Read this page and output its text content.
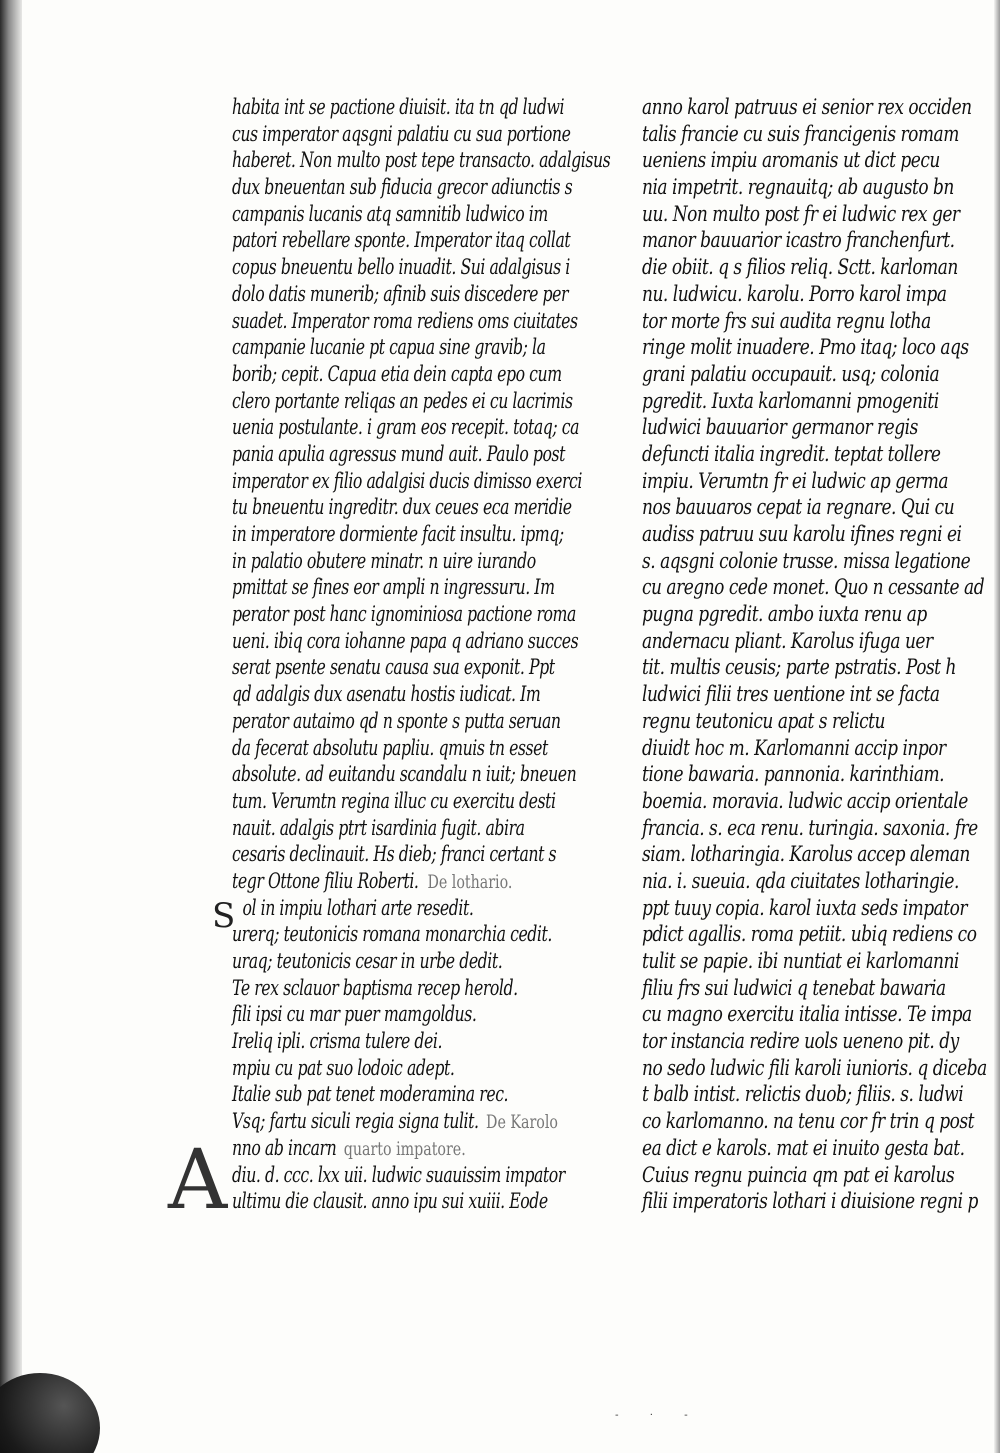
habita int se pactione diuisit. ita tn qd ludwi
cus imperator aqsgni palatiu cu sua portione
haberet. Non multo post tepe transacto. adalgisus
dux bneuentan sub fiducia grecor adiunctis s
campanis lucanis atq samnitib ludwico im
patori rebellare sponte. Imperator itaq collat
copus bneuentu bello inuadit. Sui adalgisus i
dolo datis munerib; afinib suis discedere per
suadet. Imperator roma rediens oms ciuitates
campanie lucanie pt capua sine gravib; la
borib; cepit. Capua etia dein capta epo cum
clero portante reliqas an pedes ei cu lacrimis
uenia postulante. i gram eos recepit. totaq; ca
pania apulia agressus mund auit. Paulo post
imperator ex filio adalgisi ducis dimisso exerci
tu bneuentu ingreditr. dux ceues eca meridie
in imperatore dormiente facit insultu. ipmq;
in palatio obutere minatr. n uire iurando
pmittat se fines eor ampli n ingressuru. Im
perator post hanc ignominiosa pactione roma
ueni. ibiq cora iohanne papa q adriano succes
serat psente senatu causa sua exponit. Ppt
qd adalgis dux asenatu hostis iudicat. Im
perator autaimo qd n sponte s putta seruan
da fecerat absolutu papliu. qmuis tn esset
absolute. ad euitandu scandalu n iuit; bneuen
tum. Verumtn regina illuc cu exercitu desti
nauit. adalgis ptrt isardinia fugit. abira
cesaris declinauit. Hs dieb; franci certant s
tegr Ottone filiu Roberti. De lothario.
ol in impiu lothari arte resedit.
urerq; teutonicis romana monarchia cedit.
uraq; teutonicis cesar in urbe dedit.
Te rex sclauor baptisma recep herold.
fili ipsi cu mar puer mamgoldus.
Ireliq ipli. crisma tulere dei.
mpiu cu pat suo lodoic adept.
Italie sub pat tenet moderamina rec.
Vsq; fartu siculi regia signa tulit. De Karolo
nno ab incarn quarto impatore.
diu. d. ccc. lxx uii. ludwic suauissim impator
ultimu die clausit. anno ipu sui xuiii. Eode
anno karol patruus ei senior rex occiden
talis francie cu suis francigenis romam
ueniens impiu aromanis ut dict pecu
nia impetrit. regnauitq; ab augusto bn
uu. Non multo post fr ei ludwic rex ger
manor bauuarior icastro franchenfurt.
die obiit. q s filios reliq. Sctt. karloman
nu. ludwicu. karolu. Porro karol impa
tor morte frs sui audita regnu lotha
ringe molit inuadere. Pmo itaq; loco aqs
grani palatiu occupauit. usq; colonia
pgredit. Iuxta karlomanni pmogeniti
ludwici bauuarior germanor regis
defuncti italia ingredit. teptat tollere
impiu. Verumtn fr ei ludwic ap germa
nos bauuaros cepat ia regnare. Qui cu
audiss patruu suu karolu ifines regni ei
s. aqsgni colonie trusse. missa legatione
cu aregno cede monet. Quo n cessante ad
pugna pgredit. ambo iuxta renu ap
andernacu pliant. Karolus ifuga uer
tit. multis ceusis; parte pstratis. Post h
ludwici filii tres uentione int se facta
regnu teutonicu apat s relictu
diuidt hoc m. Karlomanni accip inpor
tione bawaria. pannonia. karinthiam.
boemia. moravia. ludwic accip orientale
francia. s. eca renu. turingia. saxonia. fre
siam. lotharingia. Karolus accep aleman
nia. i. sueuia. qda ciuitates lotharingie.
ppt tuuy copia. karol iuxta seds impator
pdict agallis. roma petiit. ubiq rediens co
tulit se papie. ibi nuntiat ei karlomanni
filiu frs sui ludwici q tenebat bawaria
cu magno exercitu italia intisse. Te impa
tor instancia redire uols ueneno pit. dy
no sedo ludwic fili karoli iunioris. q diceba
t balb intist. relictis duob; filiis. s. ludwi
co karlomanno. na tenu cor fr trin q post
ea dict e karols. mat ei inuito gesta bat.
Cuius regnu puincia qm pat ei karolus
filii imperatoris lothari i diuisione regni p
S
A
- · -
